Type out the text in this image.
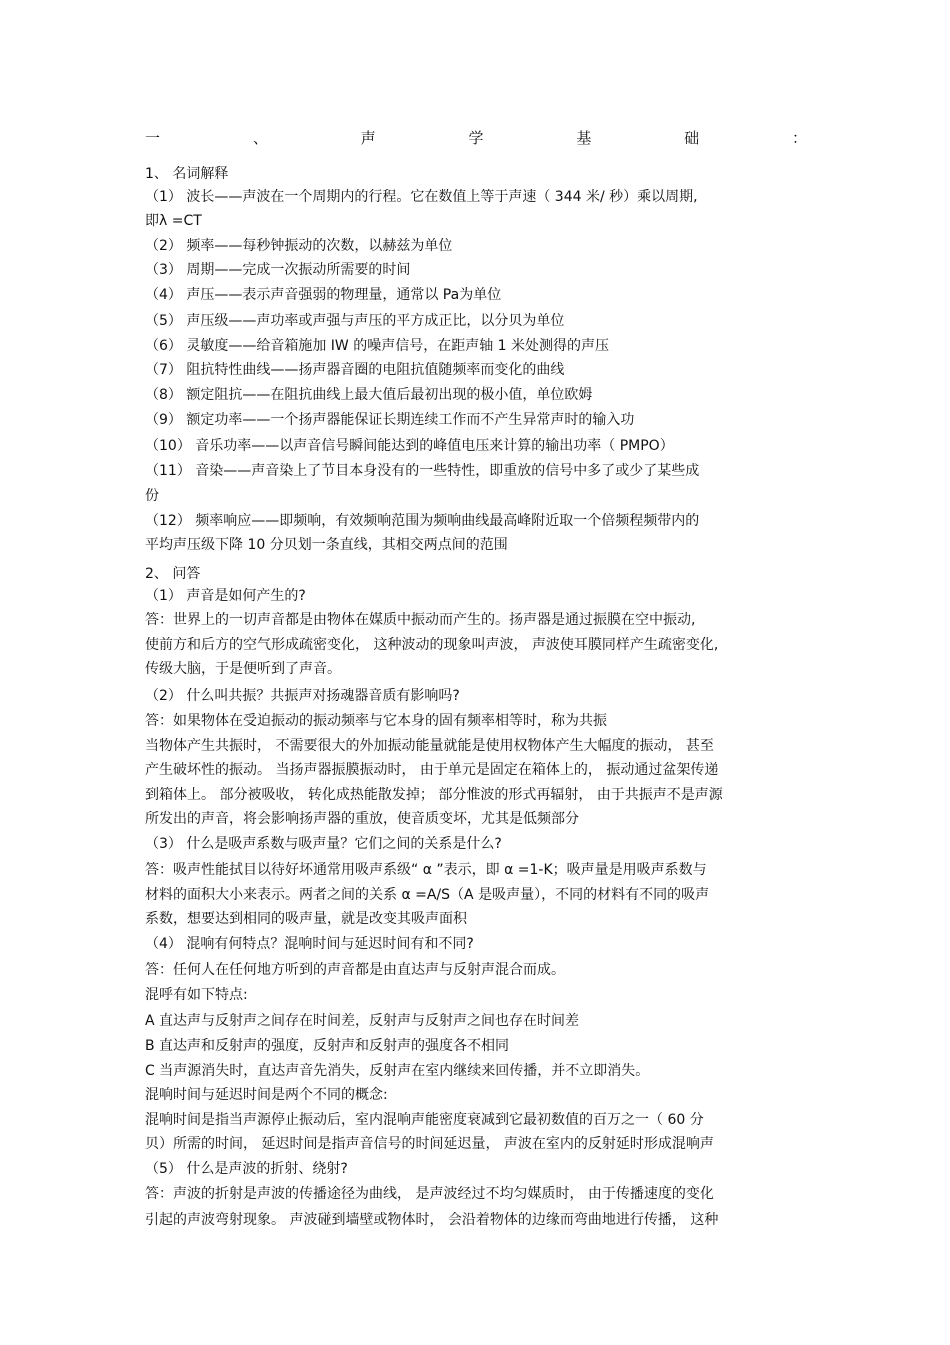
一	、	声	学	基	础	：
1、 名词解释
（1） 波长——声波在一个周期内的行程。它在数值上等于声速（ 344 米/ 秒）乘以周期,
即λ =CT
（2） 频率——每秒钟振动的次数，以赫兹为单位
（3） 周期——完成一次振动所需要的时间
（4） 声压——表示声音强弱的物理量，通常以 Pa为单位
（5） 声压级——声功率或声强与声压的平方成正比，以分贝为单位
（6） 灵敏度——给音箱施加 IW 的噪声信号，在距声轴 1 米处测得的声压
（7） 阻抗特性曲线——扬声器音圈的电阻抗值随频率而变化的曲线
（8） 额定阻抗——在阻抗曲线上最大值后最初出现的极小值，单位欧姆
（9） 额定功率——一个扬声器能保证长期连续工作而不产生异常声时的输入功
（10） 音乐功率——以声音信号瞬间能达到的峰值电压来计算的输出功率（ PMPO）
（11） 音染——声音染上了节目本身没有的一些特性，即重放的信号中多了或少了某些成
份
（12） 频率响应——即频响，有效频响范围为频响曲线最高峰附近取一个倍频程频带内的
平均声压级下降 10 分贝划一条直线，其相交两点间的范围
2、 问答
（1） 声音是如何产生的?
答：世界上的一切声音都是由物体在媒质中振动而产生的。扬声器是通过振膜在空中振动,
使前方和后方的空气形成疏密变化， 这种波动的现象叫声波， 声波使耳膜同样产生疏密变化,
传级大脑，于是便听到了声音。
（2） 什么叫共振？共振声对扬魂器音质有影响吗?
答：如果物体在受迫振动的振动频率与它本身的固有频率相等时，称为共振
当物体产生共振时， 不需要很大的外加振动能量就能是使用权物体产生大幅度的振动， 甚至
产生破坏性的振动。 当扬声器振膜振动时， 由于单元是固定在箱体上的， 振动通过盆架传递
到箱体上。 部分被吸收， 转化成热能散发掉； 部分惟波的形式再辐射， 由于共振声不是声源
所发出的声音，将会影响扬声器的重放，使音质变坏，尤其是低频部分
（3） 什么是吸声系数与吸声量？它们之间的关系是什么?
答：吸声性能拭目以待好坏通常用吸声系级“ α ”表示，即 α =1-K；吸声量是用吸声系数与
材料的面积大小来表示。两者之间的关系 α =A/S（A 是吸声量），不同的材料有不同的吸声
系数，想要达到相同的吸声量，就是改变其吸声面积
（4） 混响有何特点？混响时间与延迟时间有和不同?
答：任何人在任何地方听到的声音都是由直达声与反射声混合而成。
混呼有如下特点:
A 直达声与反射声之间存在时间差，反射声与反射声之间也存在时间差
B 直达声和反射声的强度，反射声和反射声的强度各不相同
C 当声源消失时，直达声音先消失，反射声在室内继续来回传播，并不立即消失。
混响时间与延迟时间是两个不同的概念:
混响时间是指当声源停止振动后，室内混响声能密度衰减到它最初数值的百万之一（ 60 分
贝）所需的时间， 延迟时间是指声音信号的时间延迟量， 声波在室内的反射延时形成混响声
（5） 什么是声波的折射、绕射?
答：声波的折射是声波的传播途径为曲线， 是声波经过不均匀媒质时， 由于传播速度的变化
引起的声波弯射现象。 声波碰到墙壁或物体时， 会沿着物体的边缘而弯曲地进行传播， 这种
